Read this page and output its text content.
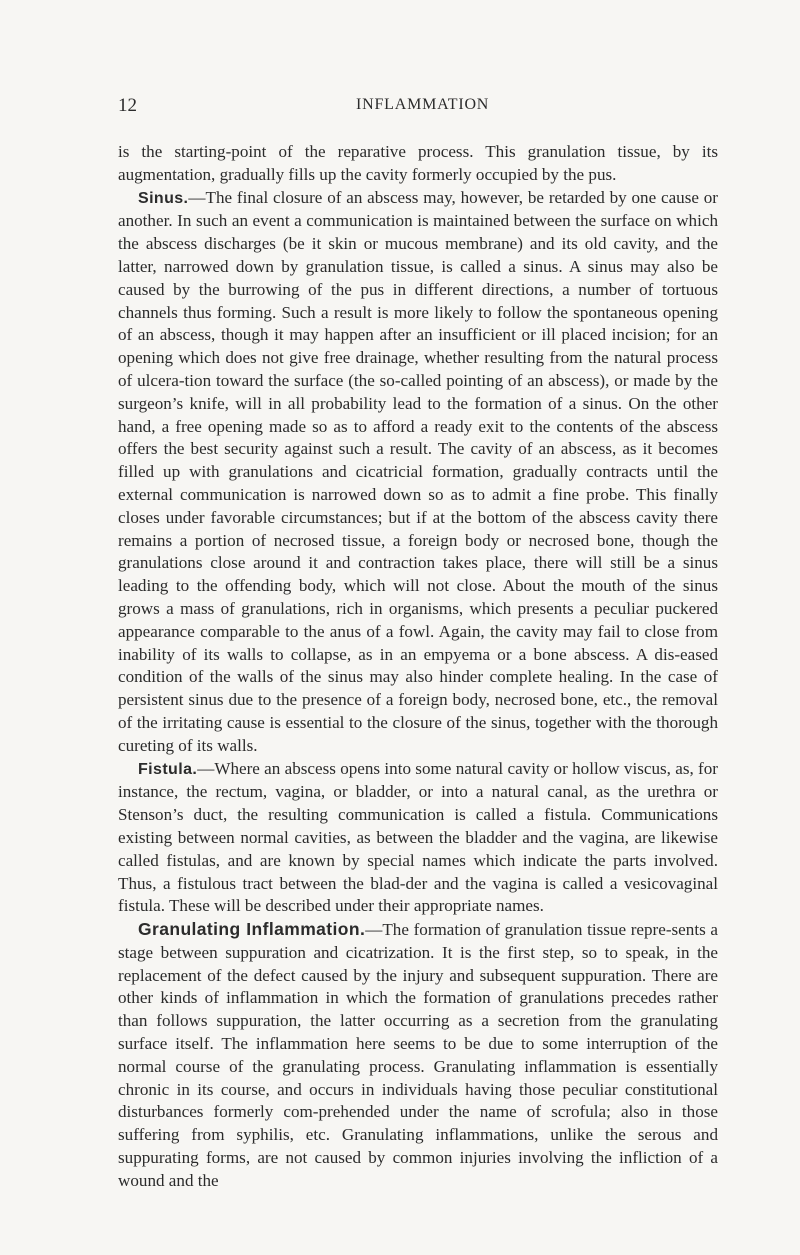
12	INFLAMMATION

is the starting-point of the reparative process. This granulation tissue, by its augmentation, gradually fills up the cavity formerly occupied by the pus.

Sinus.—The final closure of an abscess may, however, be retarded by one cause or another. In such an event a communication is maintained between the surface on which the abscess discharges (be it skin or mucous membrane) and its old cavity, and the latter, narrowed down by granulation tissue, is called a sinus. A sinus may also be caused by the burrowing of the pus in different directions, a number of tortuous channels thus forming. Such a result is more likely to follow the spontaneous opening of an abscess, though it may happen after an insufficient or ill placed incision; for an opening which does not give free drainage, whether resulting from the natural process of ulcera-tion toward the surface (the so-called pointing of an abscess), or made by the surgeon’s knife, will in all probability lead to the formation of a sinus. On the other hand, a free opening made so as to afford a ready exit to the contents of the abscess offers the best security against such a result. The cavity of an abscess, as it becomes filled up with granulations and cicatricial formation, gradually contracts until the external communication is narrowed down so as to admit a fine probe. This finally closes under favorable circumstances; but if at the bottom of the abscess cavity there remains a portion of necrosed tissue, a foreign body or necrosed bone, though the granulations close around it and contraction takes place, there will still be a sinus leading to the offending body, which will not close. About the mouth of the sinus grows a mass of granulations, rich in organisms, which presents a peculiar puckered appearance comparable to the anus of a fowl. Again, the cavity may fail to close from inability of its walls to collapse, as in an empyema or a bone abscess. A dis-eased condition of the walls of the sinus may also hinder complete healing. In the case of persistent sinus due to the presence of a foreign body, necrosed bone, etc., the removal of the irritating cause is essential to the closure of the sinus, together with the thorough cureting of its walls.

Fistula.—Where an abscess opens into some natural cavity or hollow viscus, as, for instance, the rectum, vagina, or bladder, or into a natural canal, as the urethra or Stenson’s duct, the resulting communication is called a fistula. Communications existing between normal cavities, as between the bladder and the vagina, are likewise called fistulas, and are known by special names which indicate the parts involved. Thus, a fistulous tract between the blad-der and the vagina is called a vesicovaginal fistula. These will be described under their appropriate names.

Granulating Inflammation.—The formation of granulation tissue repre-sents a stage between suppuration and cicatrization. It is the first step, so to speak, in the replacement of the defect caused by the injury and subsequent suppuration. There are other kinds of inflammation in which the formation of granulations precedes rather than follows suppuration, the latter occurring as a secretion from the granulating surface itself. The inflammation here seems to be due to some interruption of the normal course of the granulating process. Granulating inflammation is essentially chronic in its course, and occurs in individuals having those peculiar constitutional disturbances formerly com-prehended under the name of scrofula; also in those suffering from syphilis, etc. Granulating inflammations, unlike the serous and suppurating forms, are not caused by common injuries involving the infliction of a wound and the
